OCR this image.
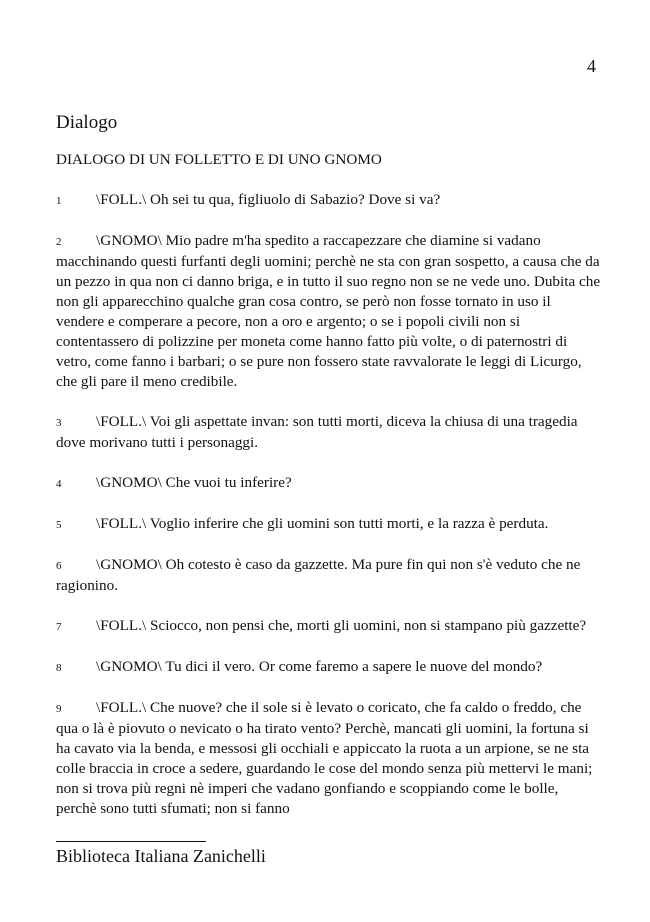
4
Dialogo

DIALOGO DI UN FOLLETTO E DI UNO GNOMO

1 \FOLL.\ Oh sei tu qua, figliuolo di Sabazio? Dove si va?

2 \GNOMO\ Mio padre m'ha spedito a raccapezzare che diamine si vadano macchinando questi furfanti degli uomini; perchè ne sta con gran sospetto, a causa che da un pezzo in qua non ci danno briga, e in tutto il suo regno non se ne vede uno. Dubita che non gli apparecchino qualche gran cosa contro, se però non fosse tornato in uso il vendere e comperare a pecore, non a oro e argento; o se i popoli civili non si contentassero di polizzine per moneta come hanno fatto più volte, o di paternostri di vetro, come fanno i barbari; o se pure non fossero state ravvalorate le leggi di Licurgo, che gli pare il meno credibile.

3 \FOLL.\ Voi gli aspettate invan: son tutti morti, diceva la chiusa di una tragedia dove morivano tutti i personaggi.

4 \GNOMO\ Che vuoi tu inferire?

5 \FOLL.\ Voglio inferire che gli uomini son tutti morti, e la razza è perduta.

6 \GNOMO\ Oh cotesto è caso da gazzette. Ma pure fin qui non s'è veduto che ne ragionino.

7 \FOLL.\ Sciocco, non pensi che, morti gli uomini, non si stampano più gazzette?

8 \GNOMO\ Tu dici il vero. Or come faremo a sapere le nuove del mondo?

9 \FOLL.\ Che nuove? che il sole si è levato o coricato, che fa caldo o freddo, che qua o là è piovuto o nevicato o ha tirato vento? Perchè, mancati gli uomini, la fortuna si ha cavato via la benda, e messosi gli occhiali e appiccato la ruota a un arpione, se ne sta colle braccia in croce a sedere, guardando le cose del mondo senza più mettervi le mani; non si trova più regni nè imperi che vadano gonfiando e scoppiando come le bolle, perchè sono tutti sfumati; non si fanno

Biblioteca Italiana Zanichelli
